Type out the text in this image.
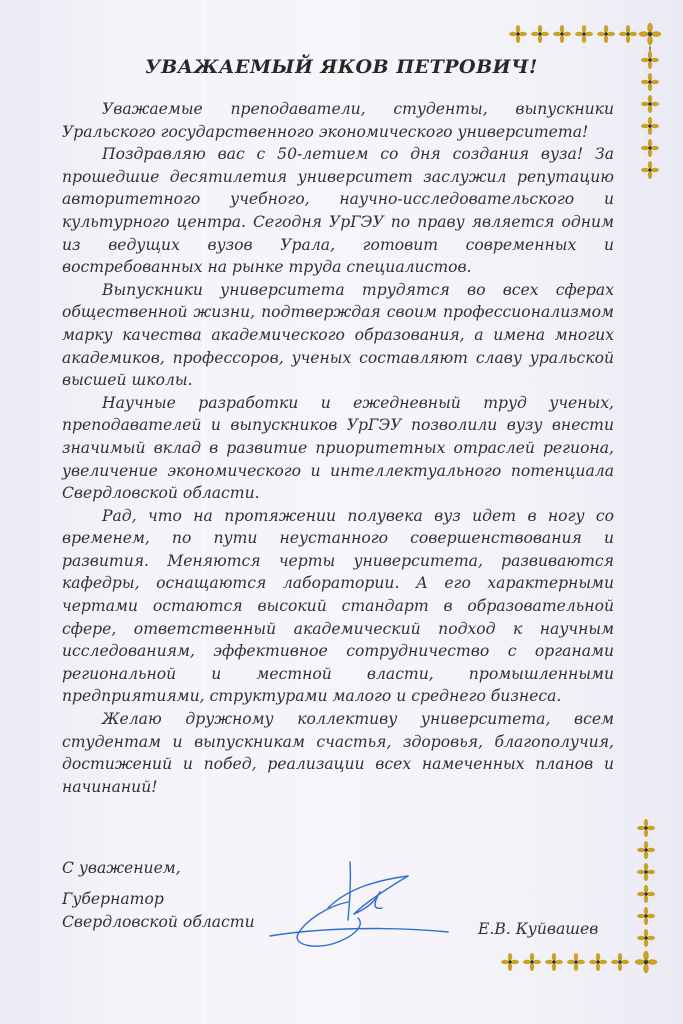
УВАЖАЕМЫЙ ЯКОВ ПЕТРОВИЧ!

Уважаемые преподаватели, студенты, выпускники Уральского государственного экономического университета!

Поздравляю вас с 50-летием со дня создания вуза! За прошедшие десятилетия университет заслужил репутацию авторитетного учебного, научно-исследовательского и культурного центра. Сегодня УрГЭУ по праву является одним из ведущих вузов Урала, готовит современных и востребованных на рынке труда специалистов.

Выпускники университета трудятся во всех сферах общественной жизни, подтверждая своим профессионализмом марку качества академического образования, а имена многих академиков, профессоров, ученых составляют славу уральской высшей школы.

Научные разработки и ежедневный труд ученых, преподавателей и выпускников УрГЭУ позволили вузу внести значимый вклад в развитие приоритетных отраслей региона, увеличение экономического и интеллектуального потенциала Свердловской области.

Рад, что на протяжении полувека вуз идет в ногу со временем, по пути неустанного совершенствования и развития. Меняются черты университета, развиваются кафедры, оснащаются лаборатории. А его характерными чертами остаются высокий стандарт в образовательной сфере, ответственный академический подход к научным исследованиям, эффективное сотрудничество с органами региональной и местной власти, промышленными предприятиями, структурами малого и среднего бизнеса.

Желаю дружному коллективу университета, всем студентам и выпускникам счастья, здоровья, благополучия, достижений и побед, реализации всех намеченных планов и начинаний!

С уважением,
Губернатор
Свердловской области	Е.В. Куйвашев
